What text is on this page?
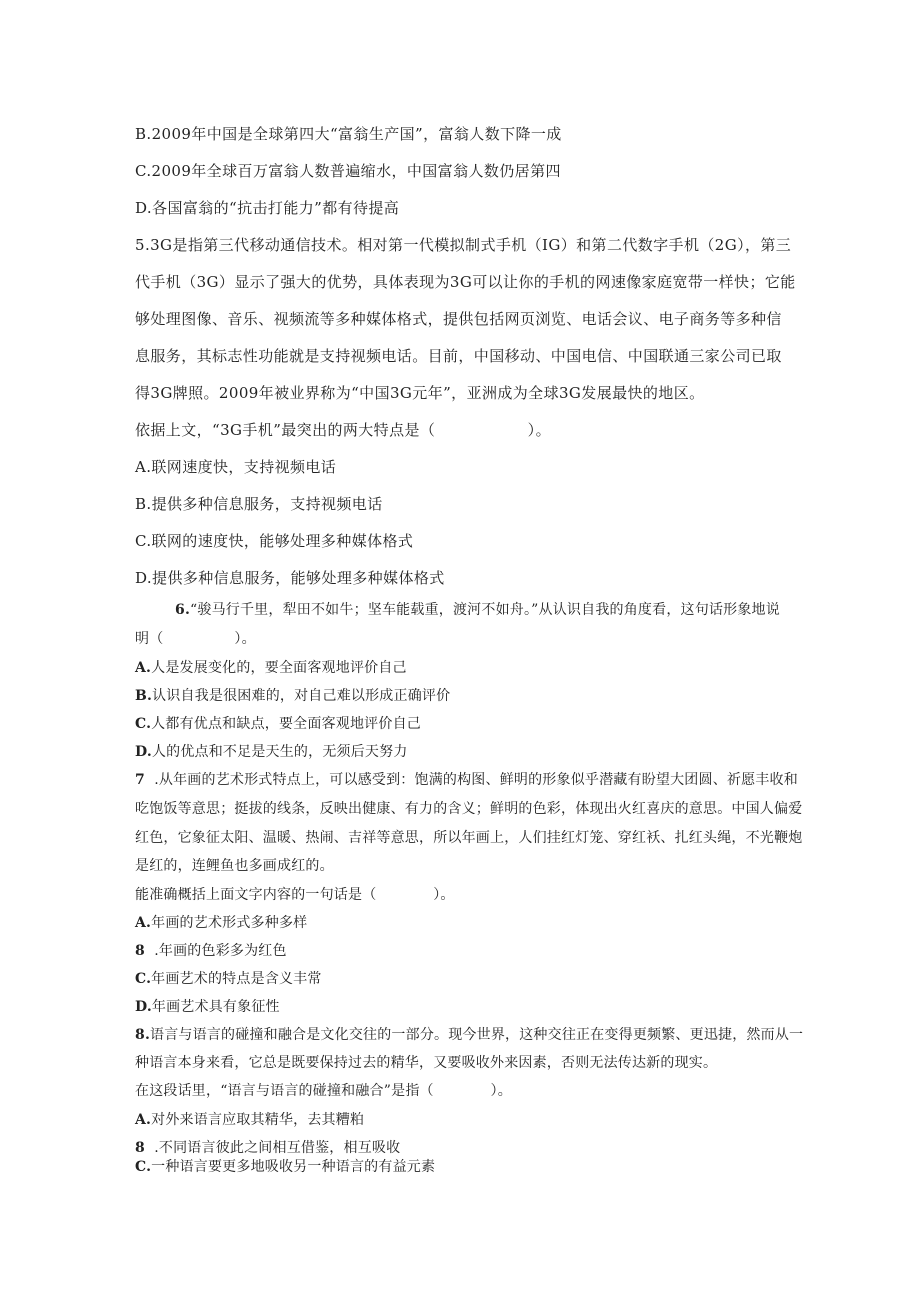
B.2009年中国是全球第四大“富翁生产国”，富翁人数下降一成
C.2009年全球百万富翁人数普遍缩水，中国富翁人数仍居第四
D.各国富翁的“抗击打能力”都有待提高
5.3G是指第三代移动通信技术。相对第一代模拟制式手机（IG）和第二代数字手机（2G），第三
代手机（3G）显示了强大的优势，具体表现为3G可以让你的手机的网速像家庭宽带一样快；它能
够处理图像、音乐、视频流等多种媒体格式，提供包括网页浏览、电话会议、电子商务等多种信
息服务，其标志性功能就是支持视频电话。目前，中国移动、中国电信、中国联通三家公司已取
得3G牌照。2009年被业界称为“中国3G元年”，亚洲成为全球3G发展最快的地区。
依据上文，“3G手机”最突出的两大特点是（　　　　　　）。
A.联网速度快，支持视频电话
B.提供多种信息服务，支持视频电话
C.联网的速度快，能够处理多种媒体格式
D.提供多种信息服务，能够处理多种媒体格式
6.“骏马行千里，犁田不如牛；坚车能载重，渡河不如舟。”从认识自我的角度看，这句话形象地说
明（　　　　　）。
A.人是发展变化的，要全面客观地评价自己
B.认识自我是很困难的，对自己难以形成正确评价
C.人都有优点和缺点，要全面客观地评价自己
D.人的优点和不足是天生的，无须后天努力
7  .从年画的艺术形式特点上，可以感受到：饱满的构图、鲜明的形象似乎潜藏有盼望大团圆、祈愿丰收和
吃饱饭等意思；挺拔的线条，反映出健康、有力的含义；鲜明的色彩，体现出火红喜庆的意思。中国人偏爱
红色，它象征太阳、温暖、热闹、吉祥等意思，所以年画上，人们挂红灯笼、穿红袄、扎红头绳，不光鞭炮
是红的，连鲤鱼也多画成红的。
能准确概括上面文字内容的一句话是（　　　　）。
A.年画的艺术形式多种多样
8  .年画的色彩多为红色
C.年画艺术的特点是含义丰常
D.年画艺术具有象征性
8.语言与语言的碰撞和融合是文化交往的一部分。现今世界，这种交往正在变得更频繁、更迅捷，然而从一
种语言本身来看，它总是既要保持过去的精华，又要吸收外来因素，否则无法传达新的现实。
在这段话里，“语言与语言的碰撞和融合”是指（　　　　）。
A.对外来语言应取其精华，去其糟粕
8  .不同语言彼此之间相互借鉴，相互吸收
C.一种语言要更多地吸收另一种语言的有益元素
